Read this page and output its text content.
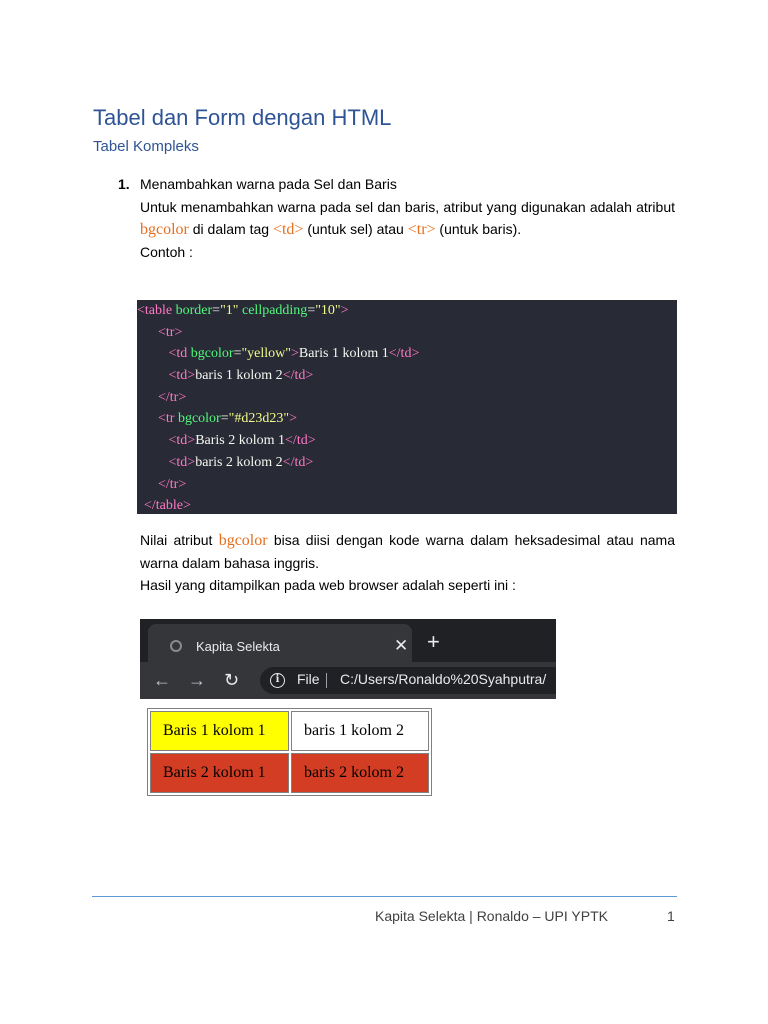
Tabel dan Form dengan HTML
Tabel Kompleks
1. Menambahkan warna pada Sel dan Baris
Untuk menambahkan warna pada sel dan baris, atribut yang digunakan adalah atribut bgcolor di dalam tag <td> (untuk sel) atau <tr> (untuk baris).
Contoh :
<table border="1" cellpadding="10">
<tr>
<td bgcolor="yellow">Baris 1 kolom 1</td>
<td>baris 1 kolom 2</td>
</tr>
<tr bgcolor="#d23d23">
<td>Baris 2 kolom 1</td>
<td>baris 2 kolom 2</td>
</tr>
</table>
Nilai atribut bgcolor bisa diisi dengan kode warna dalam heksadesimal atau nama warna dalam bahasa inggris.
Hasil yang ditampilkan pada web browser adalah seperti ini :
Kapita Selekta	✕ +
← → ↻	i	File C:/Users/Ronaldo%20Syahputra/
Baris 1 kolom 1	baris 1 kolom 2
Baris 2 kolom 1	baris 2 kolom 2
Kapita Selekta | Ronaldo – UPI YPTK	1
